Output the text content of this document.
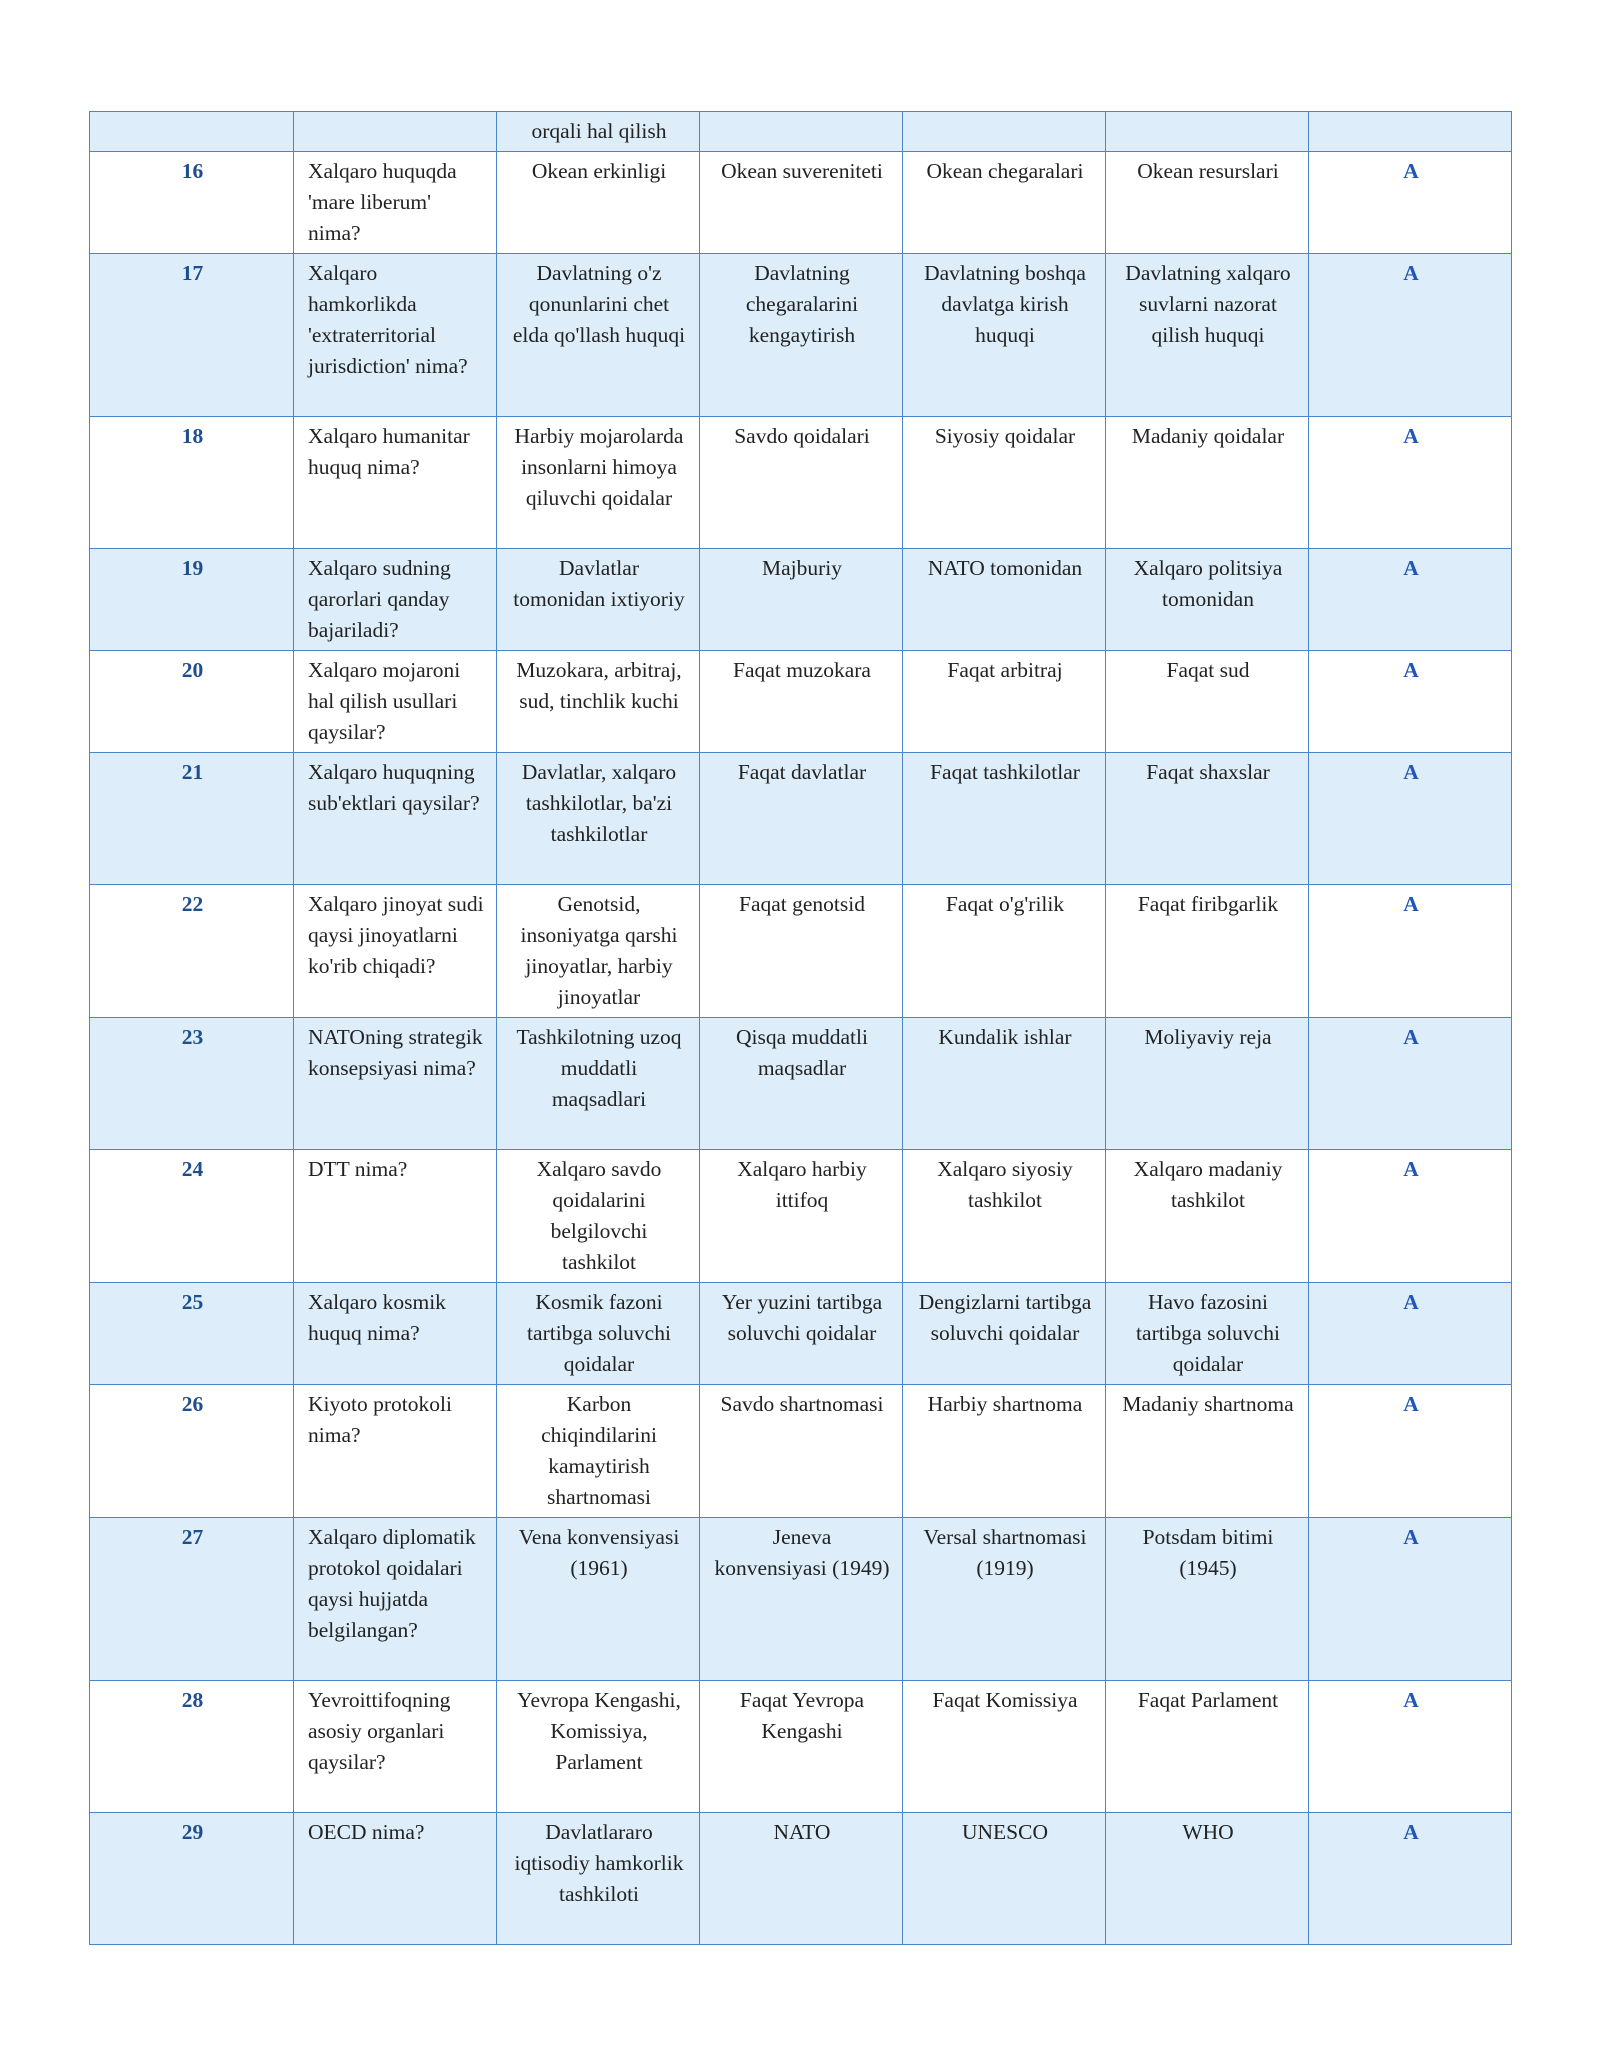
		orqali hal qilish				
16	Xalqaro huquqda 'mare liberum' nima?	Okean erkinligi	Okean suvereniteti	Okean chegaralari	Okean resurslari	A
17	Xalqaro hamkorlikda 'extraterritorial jurisdiction' nima?	Davlatning o'z qonunlarini chet elda qo'llash huquqi	Davlatning chegaralarini kengaytirish	Davlatning boshqa davlatga kirish huquqi	Davlatning xalqaro suvlarni nazorat qilish huquqi	A
18	Xalqaro humanitar huquq nima?	Harbiy mojarolarda insonlarni himoya qiluvchi qoidalar	Savdo qoidalari	Siyosiy qoidalar	Madaniy qoidalar	A
19	Xalqaro sudning qarorlari qanday bajariladi?	Davlatlar tomonidan ixtiyoriy	Majburiy	NATO tomonidan	Xalqaro politsiya tomonidan	A
20	Xalqaro mojaroni hal qilish usullari qaysilar?	Muzokara, arbitraj, sud, tinchlik kuchi	Faqat muzokara	Faqat arbitraj	Faqat sud	A
21	Xalqaro huquqning sub'ektlari qaysilar?	Davlatlar, xalqaro tashkilotlar, ba'zi tashkilotlar	Faqat davlatlar	Faqat tashkilotlar	Faqat shaxslar	A
22	Xalqaro jinoyat sudi qaysi jinoyatlarni ko'rib chiqadi?	Genotsid, insoniyatga qarshi jinoyatlar, harbiy jinoyatlar	Faqat genotsid	Faqat o'g'rilik	Faqat firibgarlik	A
23	NATOning strategik konsepsiyasi nima?	Tashkilotning uzoq muddatli maqsadlari	Qisqa muddatli maqsadlar	Kundalik ishlar	Moliyaviy reja	A
24	DTT nima?	Xalqaro savdo qoidalarini belgilovchi tashkilot	Xalqaro harbiy ittifoq	Xalqaro siyosiy tashkilot	Xalqaro madaniy tashkilot	A
25	Xalqaro kosmik huquq nima?	Kosmik fazoni tartibga soluvchi qoidalar	Yer yuzini tartibga soluvchi qoidalar	Dengizlarni tartibga soluvchi qoidalar	Havo fazosini tartibga soluvchi qoidalar	A
26	Kiyoto protokoli nima?	Karbon chiqindilarini kamaytirish shartnomasi	Savdo shartnomasi	Harbiy shartnoma	Madaniy shartnoma	A
27	Xalqaro diplomatik protokol qoidalari qaysi hujjatda belgilangan?	Vena konvensiyasi (1961)	Jeneva konvensiyasi (1949)	Versal shartnomasi (1919)	Potsdam bitimi (1945)	A
28	Yevroittifoqning asosiy organlari qaysilar?	Yevropa Kengashi, Komissiya, Parlament	Faqat Yevropa Kengashi	Faqat Komissiya	Faqat Parlament	A
29	OECD nima?	Davlatlararo iqtisodiy hamkorlik tashkiloti	NATO	UNESCO	WHO	A
